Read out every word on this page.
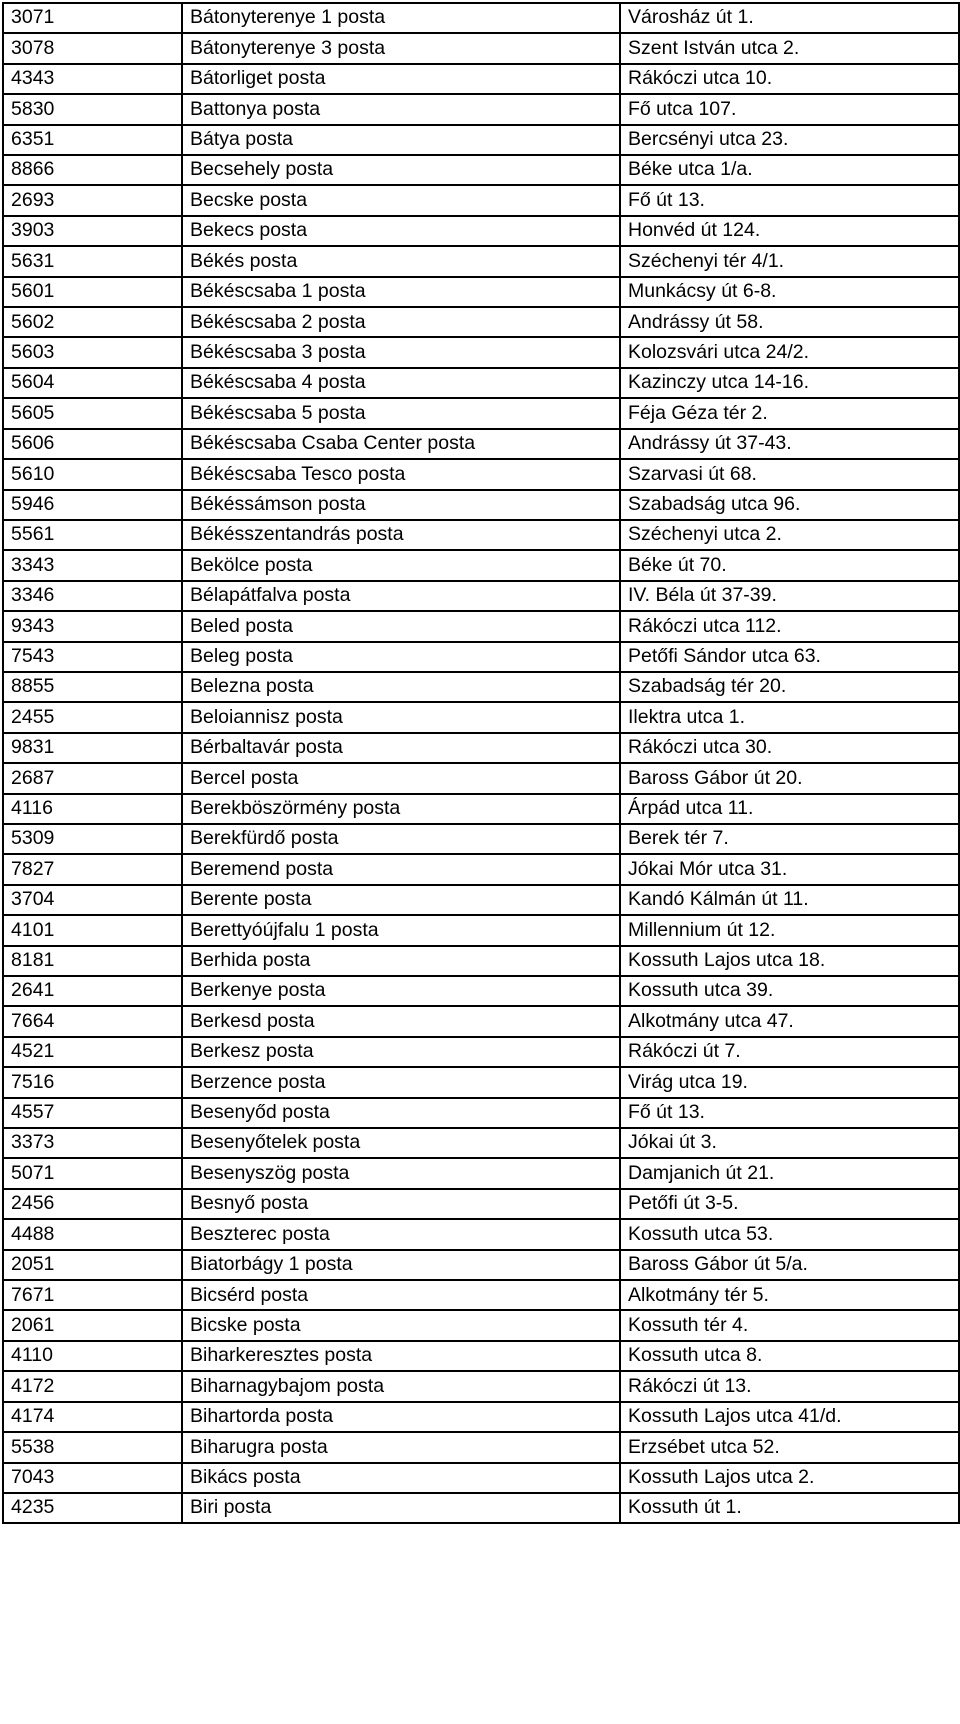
3071	Bátonyterenye 1 posta	Városház út 1.
3078	Bátonyterenye 3 posta	Szent István utca 2.
4343	Bátorliget posta	Rákóczi utca 10.
5830	Battonya posta	Fő utca 107.
6351	Bátya posta	Bercsényi utca 23.
8866	Becsehely posta	Béke utca 1/a.
2693	Becske posta	Fő út 13.
3903	Bekecs posta	Honvéd út 124.
5631	Békés posta	Széchenyi tér 4/1.
5601	Békéscsaba 1 posta	Munkácsy út 6-8.
5602	Békéscsaba 2 posta	Andrássy út 58.
5603	Békéscsaba 3 posta	Kolozsvári utca 24/2.
5604	Békéscsaba 4 posta	Kazinczy utca 14-16.
5605	Békéscsaba 5 posta	Féja Géza tér 2.
5606	Békéscsaba Csaba Center posta	Andrássy út 37-43.
5610	Békéscsaba Tesco posta	Szarvasi út 68.
5946	Békéssámson posta	Szabadság utca 96.
5561	Békésszentandrás posta	Széchenyi utca 2.
3343	Bekölce posta	Béke út 70.
3346	Bélapátfalva posta	IV. Béla út 37-39.
9343	Beled posta	Rákóczi utca 112.
7543	Beleg posta	Petőfi Sándor utca 63.
8855	Belezna posta	Szabadság tér 20.
2455	Beloiannisz posta	Ilektra utca 1.
9831	Bérbaltavár posta	Rákóczi utca 30.
2687	Bercel posta	Baross Gábor út 20.
4116	Berekböszörmény posta	Árpád utca 11.
5309	Berekfürdő posta	Berek tér 7.
7827	Beremend posta	Jókai Mór utca 31.
3704	Berente posta	Kandó Kálmán út 11.
4101	Berettyóújfalu 1 posta	Millennium út 12.
8181	Berhida posta	Kossuth Lajos utca 18.
2641	Berkenye posta	Kossuth utca 39.
7664	Berkesd posta	Alkotmány utca 47.
4521	Berkesz posta	Rákóczi út 7.
7516	Berzence posta	Virág utca 19.
4557	Besenyőd posta	Fő út 13.
3373	Besenyőtelek posta	Jókai út 3.
5071	Besenyszög posta	Damjanich út 21.
2456	Besnyő posta	Petőfi út 3-5.
4488	Beszterec posta	Kossuth utca 53.
2051	Biatorbágy 1 posta	Baross Gábor út 5/a.
7671	Bicsérd posta	Alkotmány tér 5.
2061	Bicske posta	Kossuth tér 4.
4110	Biharkeresztes posta	Kossuth utca 8.
4172	Biharnagybajom posta	Rákóczi út 13.
4174	Bihartorda posta	Kossuth Lajos utca 41/d.
5538	Biharugra posta	Erzsébet utca 52.
7043	Bikács posta	Kossuth Lajos utca 2.
4235	Biri posta	Kossuth út 1.
